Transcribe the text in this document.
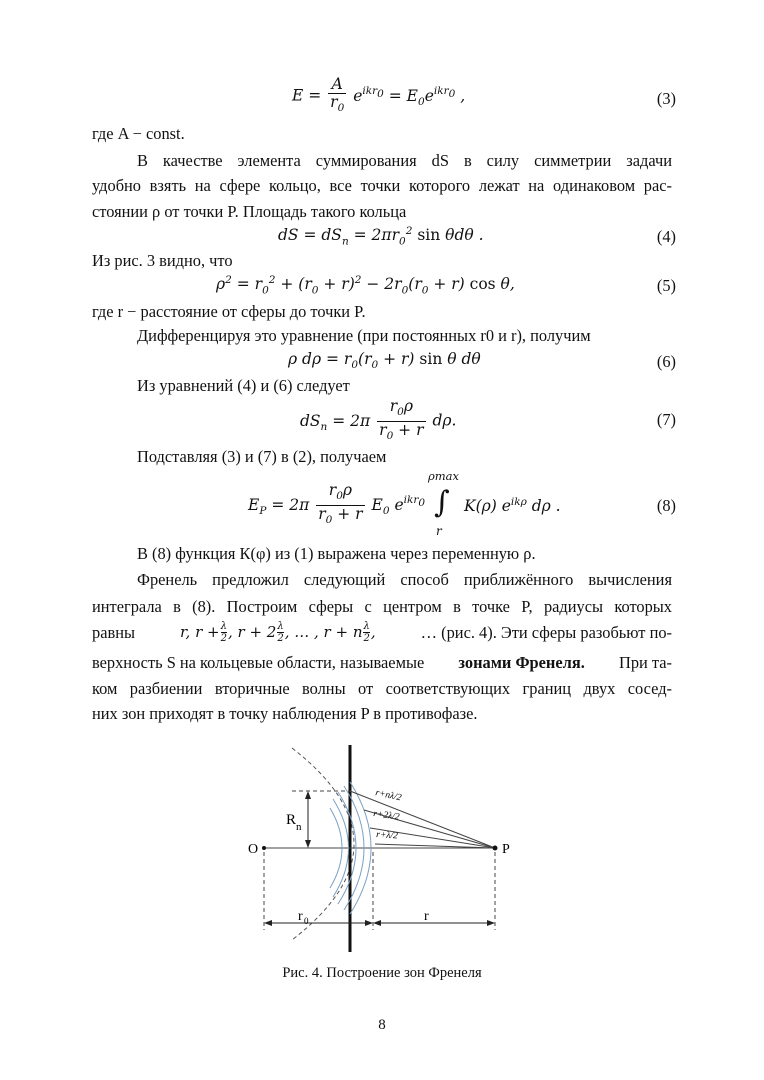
$E = \frac{A}{r_0} e^{ikr_0} = E_0e^{ikr_0}$ ,	(3)
где A − const.
В качестве элемента суммирования dS в силу симметрии задачи
удобно взять на сфере кольцо, все точки которого лежат на одинаковом рас-
стоянии ρ от точки P. Площадь такого кольца
dS = $dS_n = 2\pi r_0^2$ sin θdθ .	(4)
Из рис. 3 видно, что
$\rho^2 = r_0^2 + (r_0 + r)^2 - 2r_0(r_0 + r)$ cos θ,	(5)
где r − расстояние от сферы до точки P.
Дифференцируя это уравнение (при постоянных r0 и r), получим
ρ $d\rho = r_0(r_0 + r)$ sin θ dθ	(6)
Из уравнений (4) и (6) следует
$dS_n = 2\pi \frac{r_0\rho}{r_0 + r} d\rho$.	(7)
Подставляя (3) и (7) в (2), получаем
$E_P = 2\pi \frac{r_0\rho}{r_0 + r} E_0$ $e^{ikr_0}$
ρmax
∫
r
K(ρ) $e^{ik\rho}$ dρ .	(8)
В (8) функция К(φ) из (1) выражена через переменную ρ.
Френель предложил следующий способ приближённого вычисления
интеграла в (8). Построим сферы с центром в точке P, радиусы которых
равны	r, $r + \frac{\lambda}{2}$ , $r + 2 \frac{\lambda}{2}$ , … , r + n $\frac{\lambda}{2}$ ,	… (рис. 4). Эти сферы разобьют по-
верхность S на кольцевые области, называемые зонами Френеля. При та-
ком разбиении вторичные волны от соответствующих границ двух сосед-
них зон приходят в точку наблюдения P в противофазе.
O	P
R n
r 0	r
r+nλ/2
r+2λ/2
r+λ/2
Рис. 4. Построение зон Френеля
8
